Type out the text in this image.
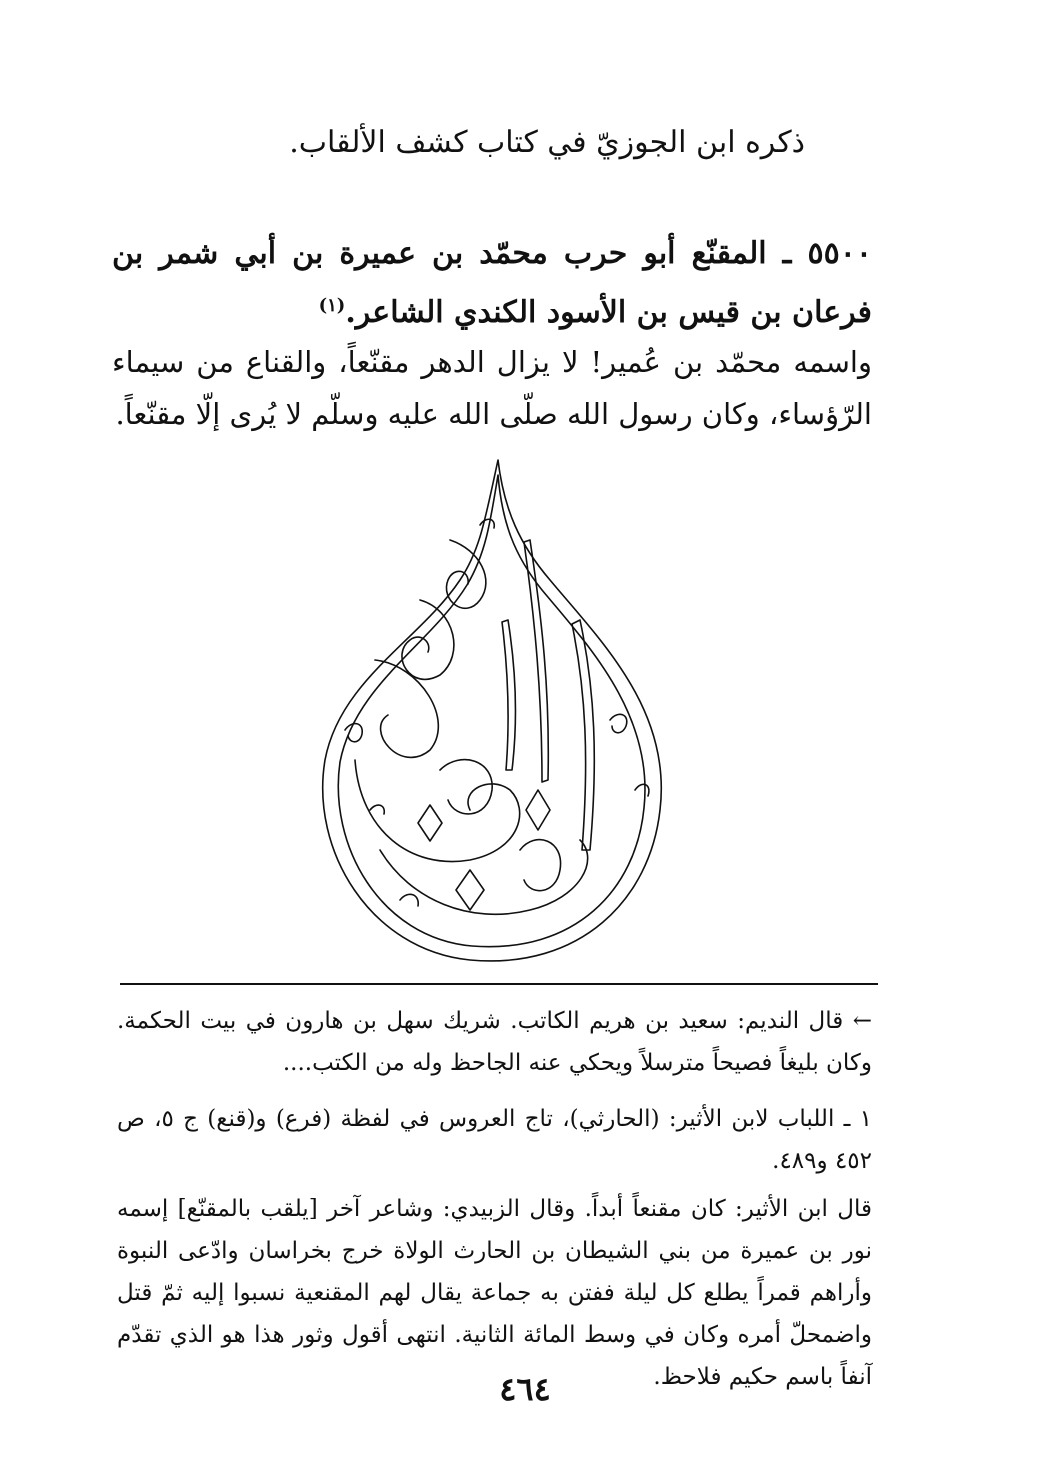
ذكره ابن الجوزيّ في كتاب كشف الألقاب.
٥٥٠٠ ـ المقنّع أبو حرب محمّد بن عميرة بن أبي شمر بن فرعان بن قيس بن الأسود الكندي الشاعر.$^{(١)}$
واسمه محمّد بن عُمير! لا يزال الدهر مقنّعاً، والقناع من سيماء الرّؤساء، وكان رسول الله صلّى الله عليه وسلّم لا يُرى إلّا مقنّعاً.
← قال النديم: سعيد بن هريم الكاتب. شريك سهل بن هارون في بيت الحكمة. وكان بليغاً فصيحاً مترسلاً ويحكي عنه الجاحظ وله من الكتب....
١ ـ اللباب لابن الأثير: (الحارثي)، تاج العروس في لفظة (فرع) و(قنع) ج ٥، ص ٤٥٢ و٤٨٩.
قال ابن الأثير: كان مقنعاً أبداً. وقال الزبيدي: وشاعر آخر [يلقب بالمقنّع] إسمه نور بن عميرة من بني الشيطان بن الحارث الولاة خرج بخراسان وادّعى النبوة وأراهم قمراً يطلع كل ليلة ففتن به جماعة يقال لهم المقنعية نسبوا إليه ثمّ قتل واضمحلّ أمره وكان في وسط المائة الثانية. انتهى أقول وثور هذا هو الذي تقدّم آنفاً باسم حكيم فلاحظ.
٤٦٤
